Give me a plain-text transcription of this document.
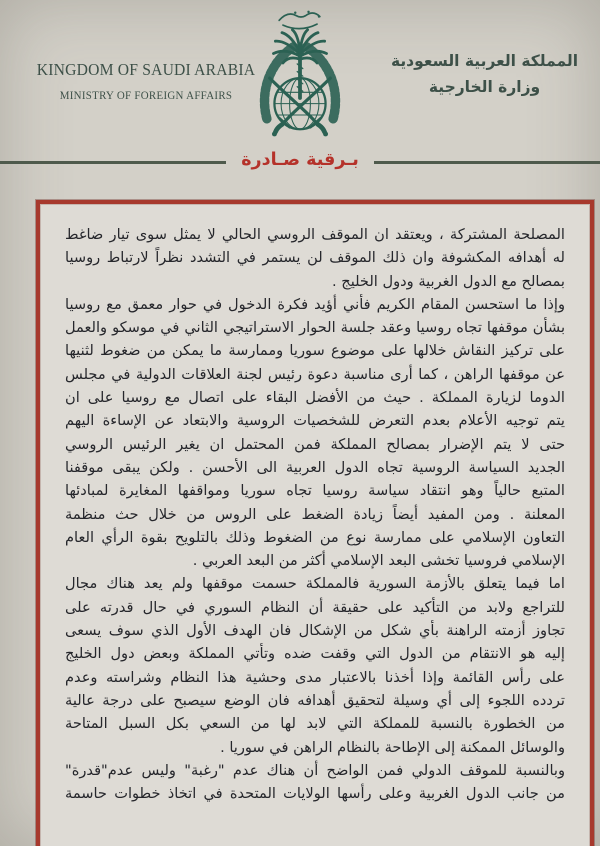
KINGDOM OF SAUDI ARABIA
MINISTRY OF FOREIGN AFFAIRS
المملكة العربية السعودية
وزارة الخارجية
بـرقية صـادرة
المصلحة المشتركة ، ويعتقد ان الموقف الروسي الحالي لا يمثل سوى تيار ضاغط
له أهدافه المكشوفة وان ذلك الموقف لن يستمر في التشدد نظراً لارتباط روسيا
بمصالح مع الدول الغربية ودول الخليج .
وإذا ما استحسن المقام الكريم فأني أؤيد فكرة الدخول في حوار معمق مع روسيا
بشأن موقفها تجاه روسيا وعقد جلسة الحوار الاستراتيجي الثاني في موسكو والعمل
على تركيز النقاش خلالها على موضوع سوريا وممارسة ما يمكن من ضغوط لثنيها
عن موقفها الراهن ، كما أرى مناسبة دعوة رئيس لجنة العلاقات الدولية في مجلس
الدوما لزيارة المملكة . حيث من الأفضل البقاء على اتصال مع روسيا على ان
يتم توجيه الأعلام بعدم التعرض للشخصيات الروسية والابتعاد عن الإساءة اليهم
حتى لا يتم الإضرار بمصالح المملكة فمن المحتمل ان يغير الرئيس الروسي
الجديد السياسة الروسية تجاه الدول العربية الى الأحسن . ولكن يبقى موقفنا
المتبع حالياً وهو انتقاد سياسة روسيا تجاه سوريا ومواقفها المغايرة لمبادئها
المعلنة . ومن المفيد أيضاً زيادة الضغط على الروس من خلال حث منظمة
التعاون الإسلامي على ممارسة نوع من الضغوط وذلك بالتلويح بقوة الرأي العام
الإسلامي فروسيا تخشى البعد الإسلامي أكثر من البعد العربي .
اما فيما يتعلق بالأزمة السورية فالمملكة حسمت موقفها ولم يعد هناك مجال
للتراجع ولابد من التأكيد على حقيقة أن النظام السوري في حال قدرته على
تجاوز أزمته الراهنة بأي شكل من الإشكال فان الهدف الأول الذي سوف يسعى
إليه هو الانتقام من الدول التي وقفت ضده وتأتي المملكة وبعض دول الخليج
على رأس القائمة وإذا أخذنا بالاعتبار مدى وحشية هذا النظام وشراسته وعدم
تردده اللجوء إلى أي وسيلة لتحقيق أهدافه فان الوضع سيصبح على درجة عالية
من الخطورة بالنسبة للمملكة التي لابد لها من السعي بكل السبل المتاحة
والوسائل الممكنة إلى الإطاحة بالنظام الراهن في سوريا .
وبالنسبة للموقف الدولي فمن الواضح أن هناك عدم "رغبة" وليس عدم"قدرة"
من جانب الدول الغربية وعلى رأسها الولايات المتحدة في اتخاذ خطوات حاسمة
